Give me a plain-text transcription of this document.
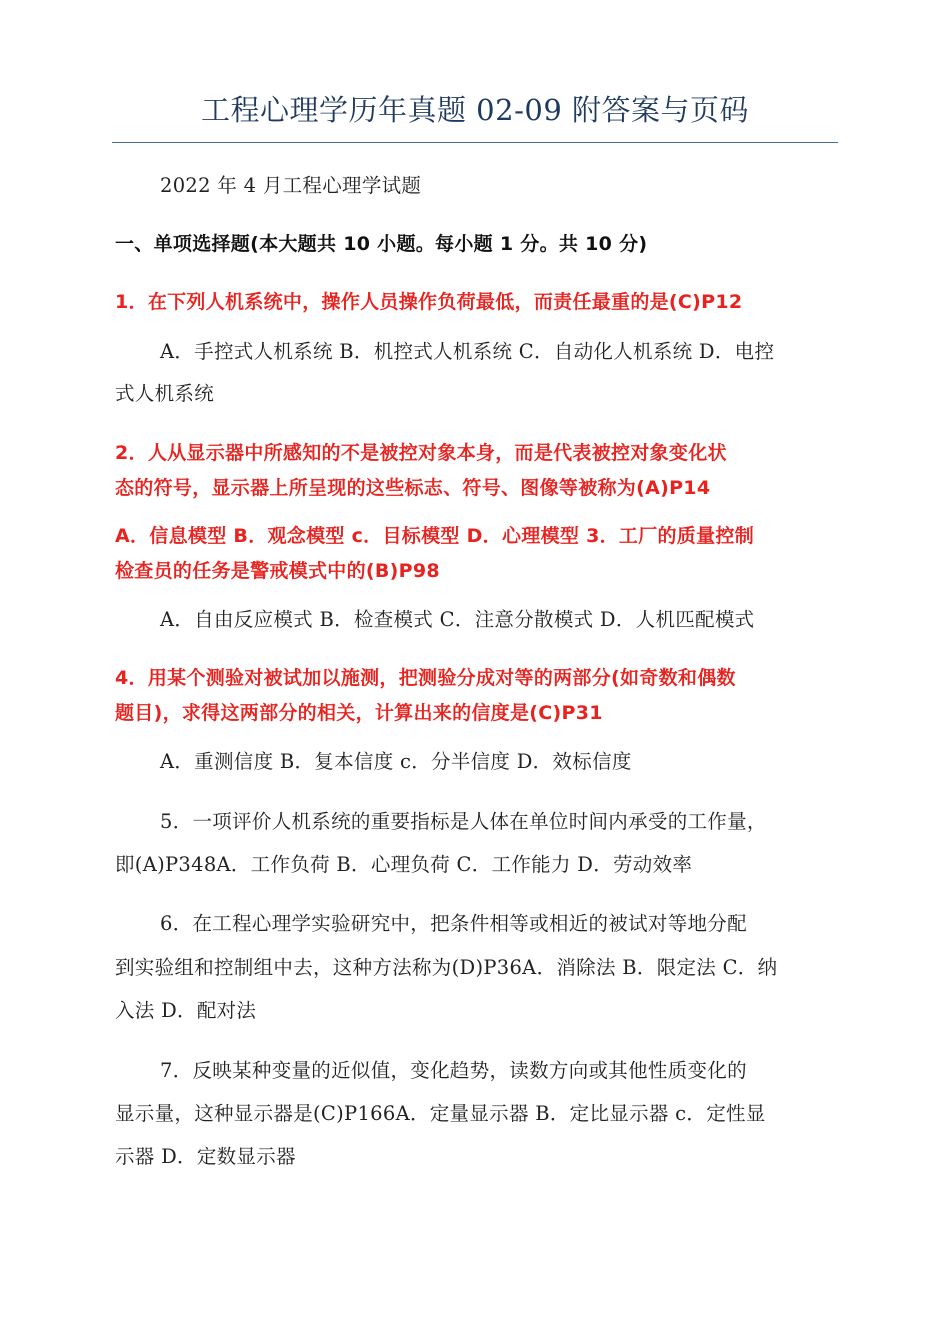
工程心理学历年真题 02-09 附答案与页码
2022 年 4 月工程心理学试题
一、单项选择题(本大题共 10 小题。每小题 1 分。共 10 分)
1．在下列人机系统中，操作人员操作负荷最低，而责任最重的是(C)P12
A．手控式人机系统 B．机控式人机系统 C．自动化人机系统 D．电控
式人机系统
2．人从显示器中所感知的不是被控对象本身，而是代表被控对象变化状
态的符号，显示器上所呈现的这些标志、符号、图像等被称为(A)P14
A．信息模型 B．观念模型 c．目标模型 D．心理模型 3．工厂的质量控制
检查员的任务是警戒模式中的(B)P98
A．自由反应模式 B．检查模式 C．注意分散模式 D．人机匹配模式
4．用某个测验对被试加以施测，把测验分成对等的两部分(如奇数和偶数
题目)，求得这两部分的相关，计算出来的信度是(C)P31
A．重测信度 B．复本信度 c．分半信度 D．效标信度
5．一项评价人机系统的重要指标是人体在单位时间内承受的工作量，
即(A)P348A．工作负荷 B．心理负荷 C．工作能力 D．劳动效率
6．在工程心理学实验研究中，把条件相等或相近的被试对等地分配
到实验组和控制组中去，这种方法称为(D)P36A．消除法 B．限定法 C．纳
入法 D．配对法
7．反映某种变量的近似值，变化趋势，读数方向或其他性质变化的
显示量，这种显示器是(C)P166A．定量显示器 B．定比显示器 c．定性显
示器 D．定数显示器
